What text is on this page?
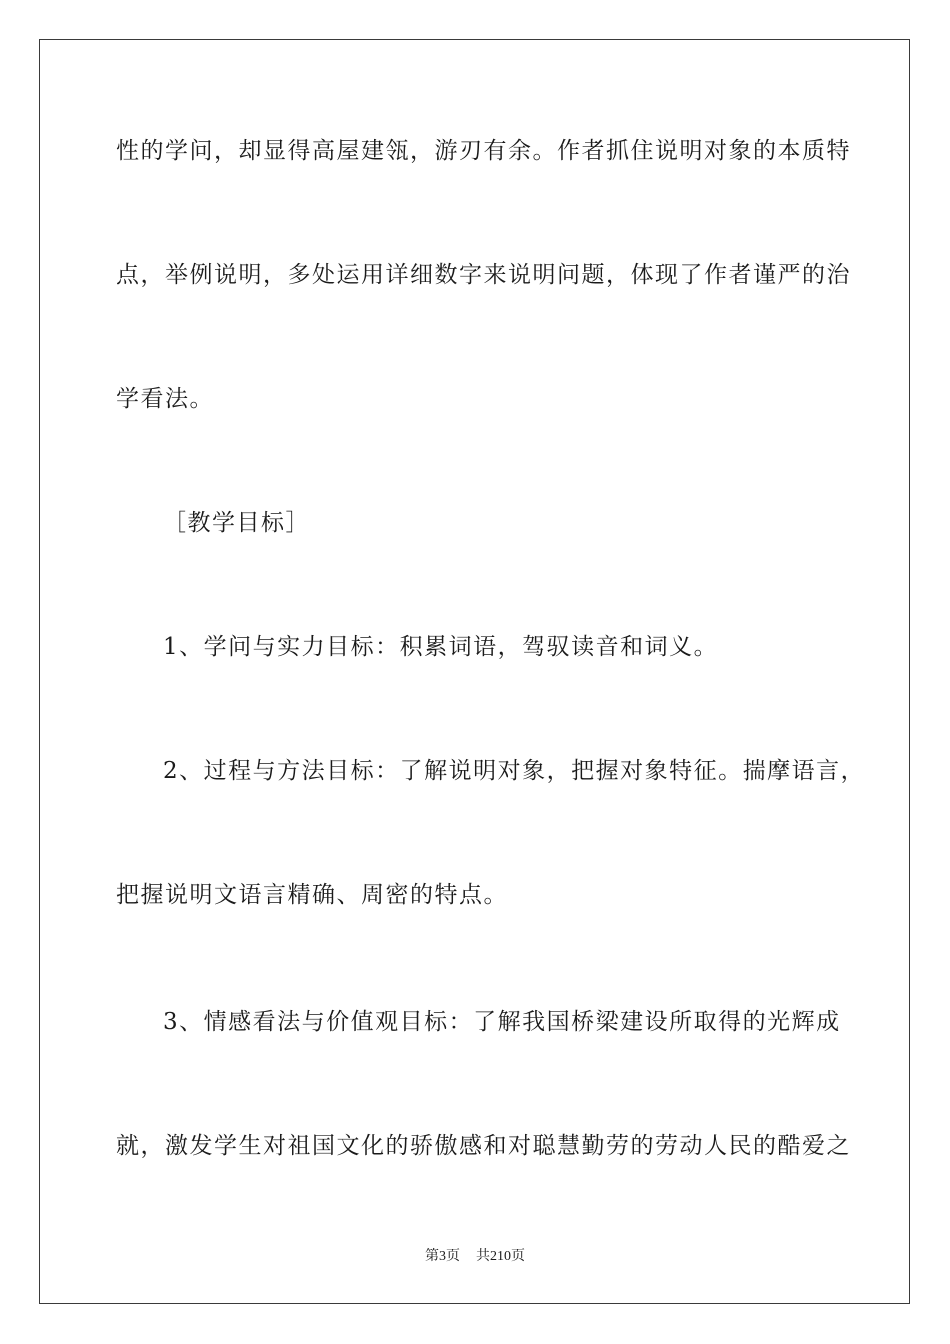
性的学问，却显得高屋建瓴，游刃有余。作者抓住说明对象的本质特
点，举例说明，多处运用详细数字来说明问题，体现了作者谨严的治
学看法。
［教学目标］
1、学问与实力目标：积累词语，驾驭读音和词义。
2、过程与方法目标：了解说明对象，把握对象特征。揣摩语言，
把握说明文语言精确、周密的特点。
3、情感看法与价值观目标：了解我国桥梁建设所取得的光辉成
就，激发学生对祖国文化的骄傲感和对聪慧勤劳的劳动人民的酷爱之
第3页 共210页
